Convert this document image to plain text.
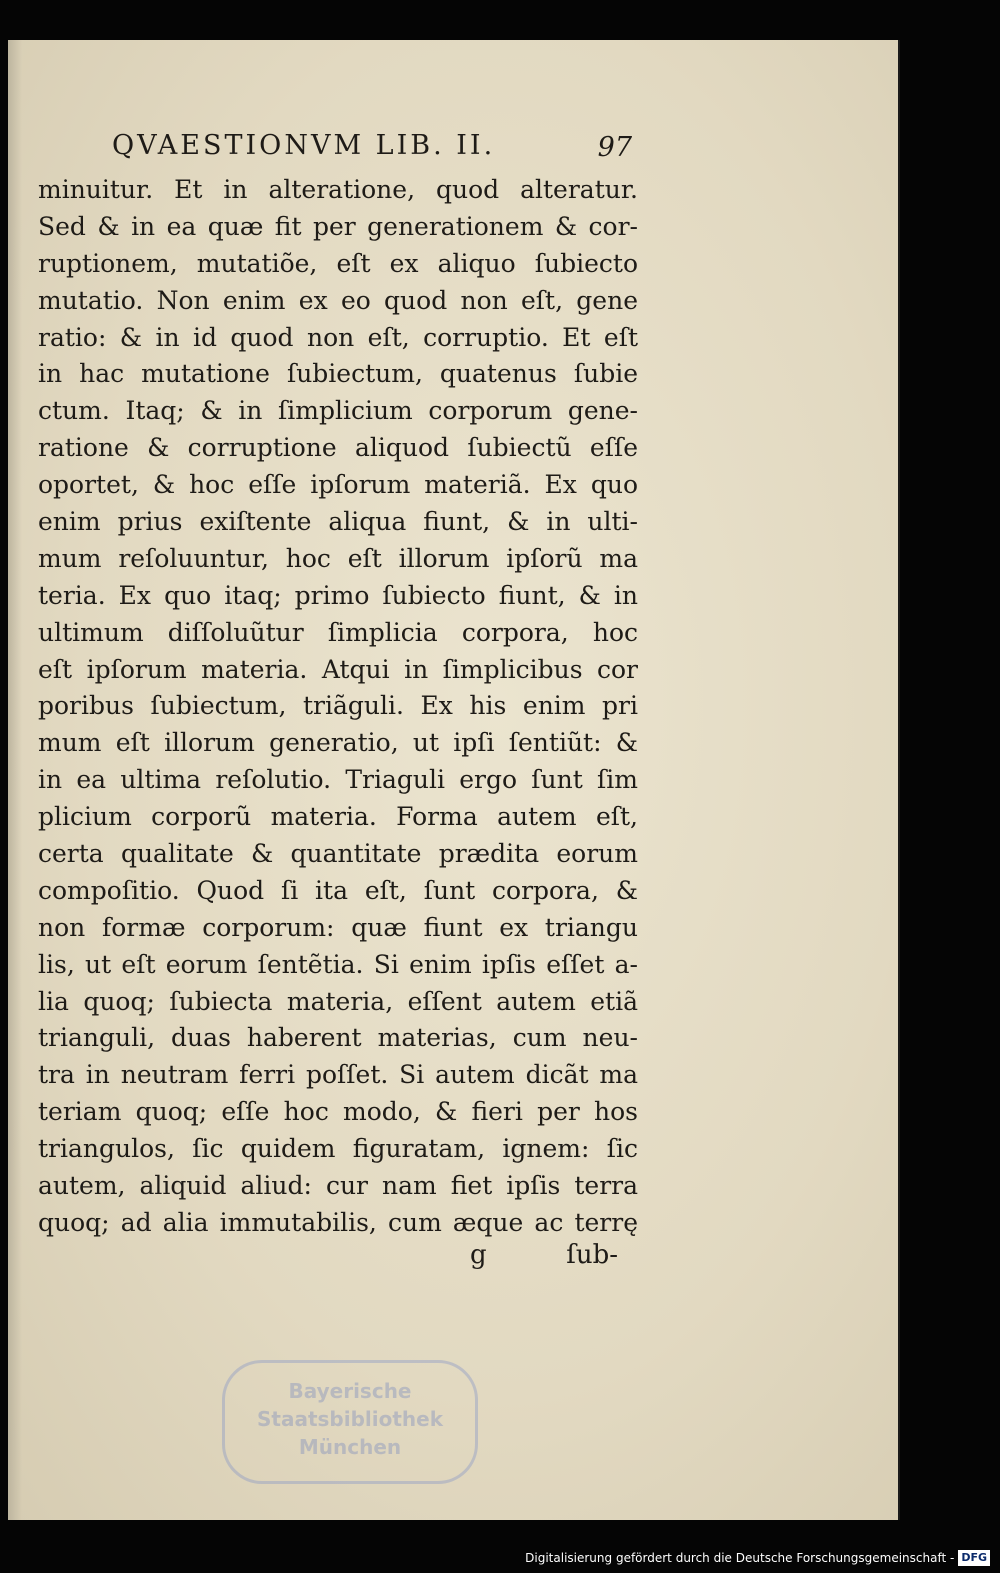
QVAESTIONVM LIB. II.	97
minuitur. Et in alteratione, quod alteratur.
Sed & in ea quæ fit per generationem & cor-
ruptionem, mutatiõe, eſt ex aliquo ſubiecto
mutatio. Non enim ex eo quod non eſt, gene
ratio: & in id quod non eſt, corruptio. Et eſt
in hac mutatione ſubiectum, quatenus ſubie
ctum. Itaq; & in ſimplicium corporum gene-
ratione & corruptione aliquod ſubiectũ eſſe
oportet, & hoc eſſe ipſorum materiã. Ex quo
enim prius exiſtente aliqua fiunt, & in ulti-
mum reſoluuntur, hoc eſt illorum ipſorũ ma
teria. Ex quo itaq; primo ſubiecto fiunt, & in
ultimum diſſoluũtur ſimplicia corpora, hoc
eſt ipſorum materia. Atqui in ſimplicibus cor
poribus ſubiectum, triãguli. Ex his enim pri
mum eſt illorum generatio, ut ipſi ſentiũt: &
in ea ultima reſolutio. Triaguli ergo ſunt ſim
plicium corporũ materia. Forma autem eſt,
certa qualitate & quantitate prædita eorum
compoſitio. Quod ſi ita eſt, ſunt corpora, &
non formæ corporum: quæ fiunt ex triangu
lis, ut eſt eorum ſentẽtia. Si enim ipſis eſſet a-
lia quoq; ſubiecta materia, eſſent autem etiã
trianguli, duas haberent materias, cum neu-
tra in neutram ferri poſſet. Si autem dicãt ma
teriam quoq; eſſe hoc modo, & fieri per hos
triangulos, ſic quidem figuratam, ignem: ſic
autem, aliquid aliud: cur nam fiet ipſis terra
quoq; ad alia immutabilis, cum æque ac terrę
g	ſub-
Bayerische
Staatsbibliothek
München
Digitalisierung gefördert durch die Deutsche Forschungsgemeinschaft - DFG
